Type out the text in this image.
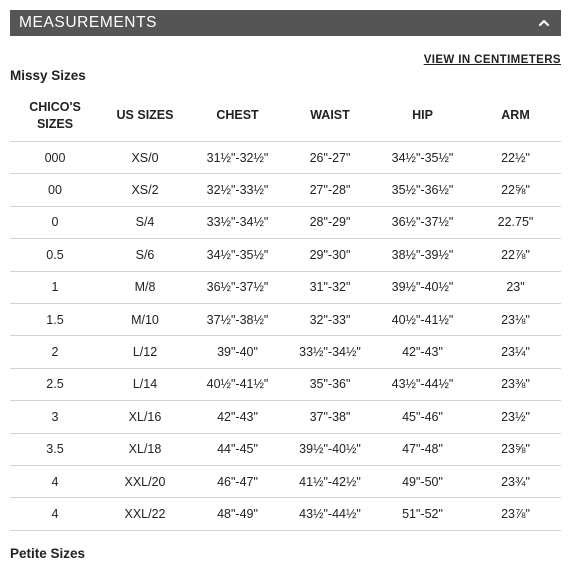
MEASUREMENTS
Missy Sizes
VIEW IN CENTIMETERS
CHICO'S
SIZES	US SIZES	CHEST	WAIST	HIP	ARM
000	XS/0	31½"-32½"	26"-27"	34½"-35½"	22½"
00	XS/2	32½"-33½"	27"-28"	35½"-36½"	22⅝"
0	S/4	33½"-34½"	28"-29"	36½"-37½"	22.75"
0.5	S/6	34½"-35½"	29"-30"	38½"-39½"	22⅞"
1	M/8	36½"-37½"	31"-32"	39½"-40½"	23"
1.5	M/10	37½"-38½"	32"-33"	40½"-41½"	23⅛"
2	L/12	39"-40"	33½"-34½"	42"-43"	23¼"
2.5	L/14	40½"-41½"	35"-36"	43½"-44½"	23⅜"
3	XL/16	42"-43"	37"-38"	45"-46"	23½"
3.5	XL/18	44"-45"	39½"-40½"	47"-48"	23⅝"
4	XXL/20	46"-47"	41½"-42½"	49"-50"	23¾"
4	XXL/22	48"-49"	43½"-44½"	51"-52"	23⅞"
Petite Sizes
